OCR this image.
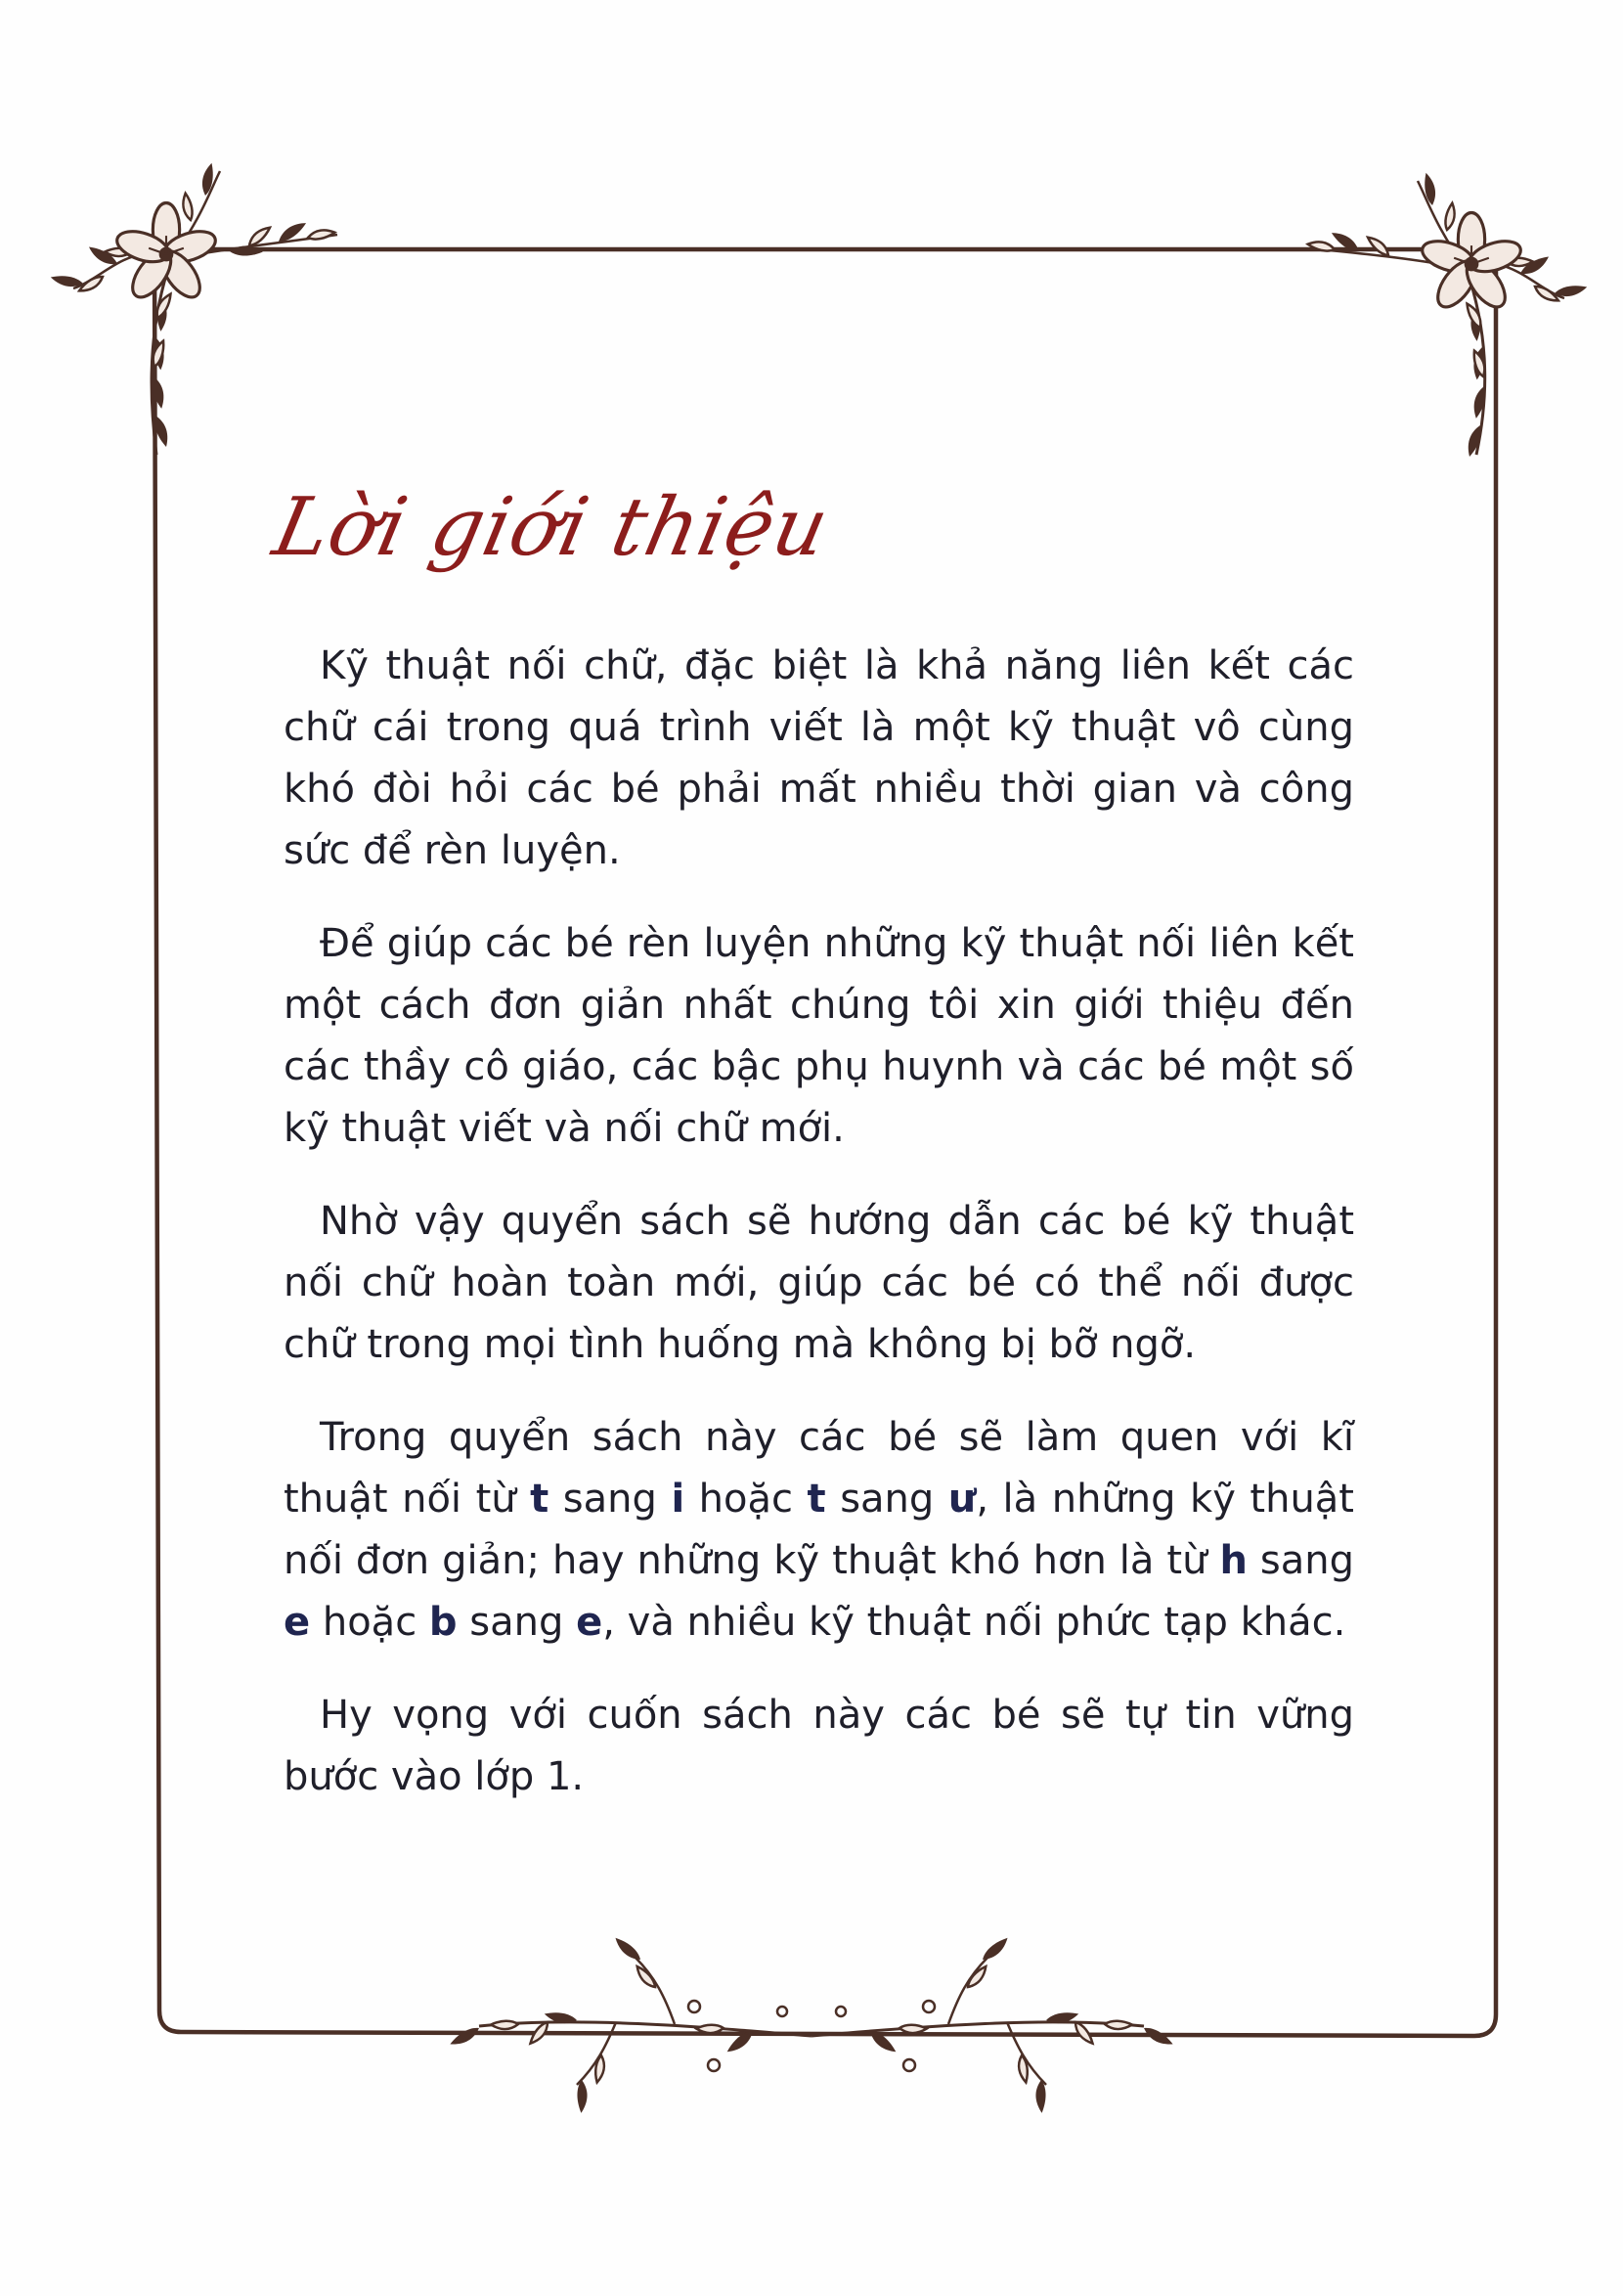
Lời giới thiệu

Kỹ thuật nối chữ, đặc biệt là khả năng liên kết các chữ cái trong quá trình viết là một kỹ thuật vô cùng khó đòi hỏi các bé phải mất nhiều thời gian và công sức để rèn luyện.

Để giúp các bé rèn luyện những kỹ thuật nối liên kết một cách đơn giản nhất chúng tôi xin giới thiệu đến các thầy cô giáo, các bậc phụ huynh và các bé một số kỹ thuật viết và nối chữ mới.

Nhờ vậy quyển sách sẽ hướng dẫn các bé kỹ thuật nối chữ hoàn toàn mới, giúp các bé có thể nối được chữ trong mọi tình huống mà không bị bỡ ngỡ.

Trong quyển sách này các bé sẽ làm quen với kĩ thuật nối từ t sang i hoặc t sang ư, là những kỹ thuật nối đơn giản; hay những kỹ thuật khó hơn là từ h sang e hoặc b sang e, và nhiều kỹ thuật nối phức tạp khác.

Hy vọng với cuốn sách này các bé sẽ tự tin vững bước vào lớp 1.
